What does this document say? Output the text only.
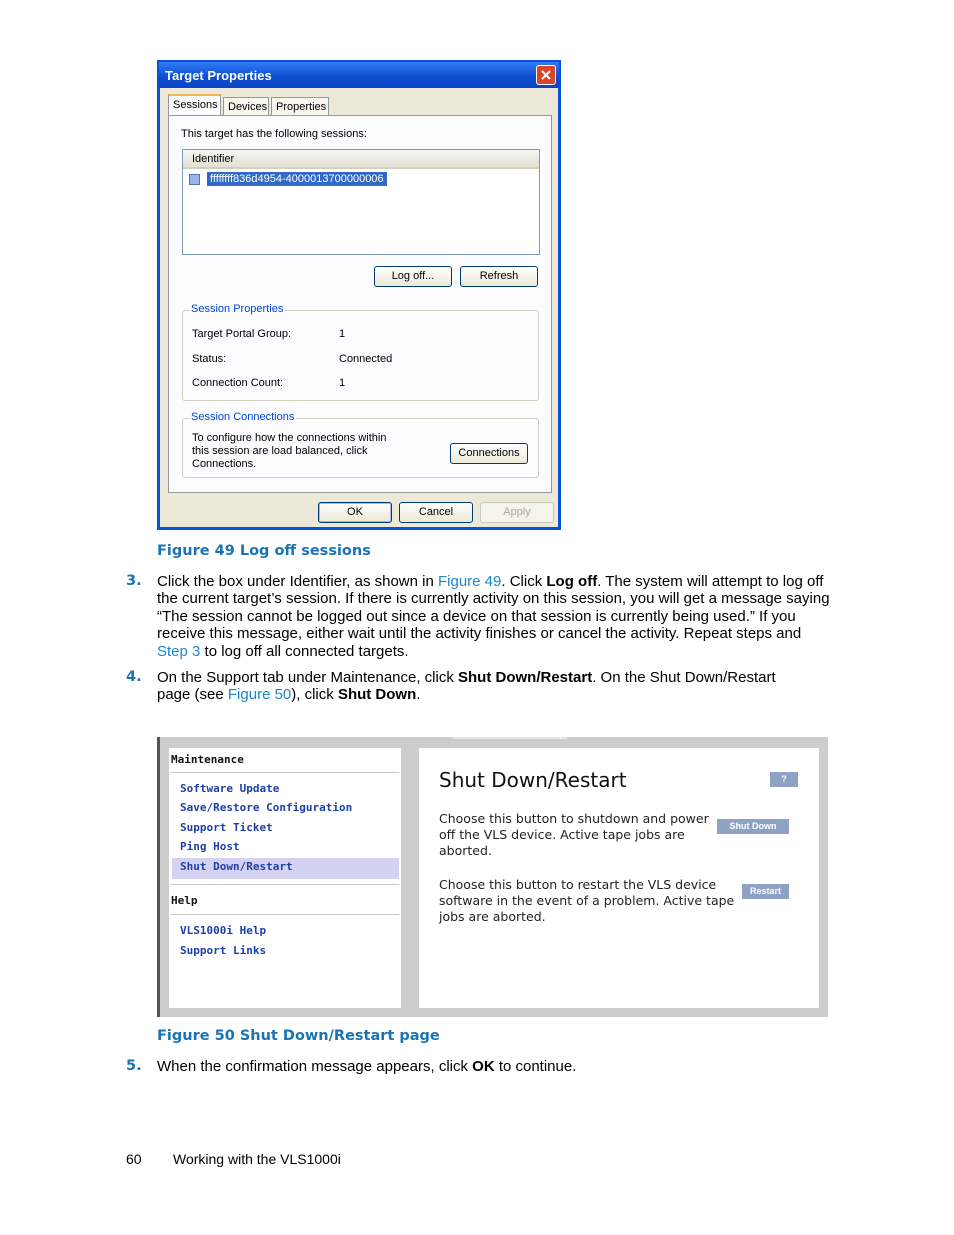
Target Properties
Sessions Devices Properties
This target has the following sessions:
Identifier
ffffffff836d4954-4000013700000006
Log off...	Refresh
Session Properties
Target Portal Group:	1
Status:	Connected
Connection Count:	1
Session Connections
To configure how the connections within
this session are load balanced, click
Connections.
Connections
OK	Cancel	Apply
Figure 49 Log off sessions
3. Click the box under Identifier, as shown in Figure 49. Click Log off. The system will attempt to log off
the current target’s session. If there is currently activity on this session, you will get a message saying
“The session cannot be logged out since a device on that session is currently being used.” If you
receive this message, either wait until the activity finishes or cancel the activity. Repeat steps and
Step 3 to log off all connected targets.
4. On the Support tab under Maintenance, click Shut Down/Restart. On the Shut Down/Restart
page (see Figure 50), click Shut Down.
Maintenance
Software Update
Save/Restore Configuration
Support Ticket
Ping Host
Shut Down/Restart
Help
VLS1000i Help
Support Links
Shut Down/Restart	?
Choose this button to shutdown and power
off the VLS device. Active tape jobs are
aborted.
Shut Down
Choose this button to restart the VLS device
software in the event of a problem. Active tape
jobs are aborted.
Restart
Figure 50 Shut Down/Restart page
5. When the confirmation message appears, click OK to continue.
60 Working with the VLS1000i
